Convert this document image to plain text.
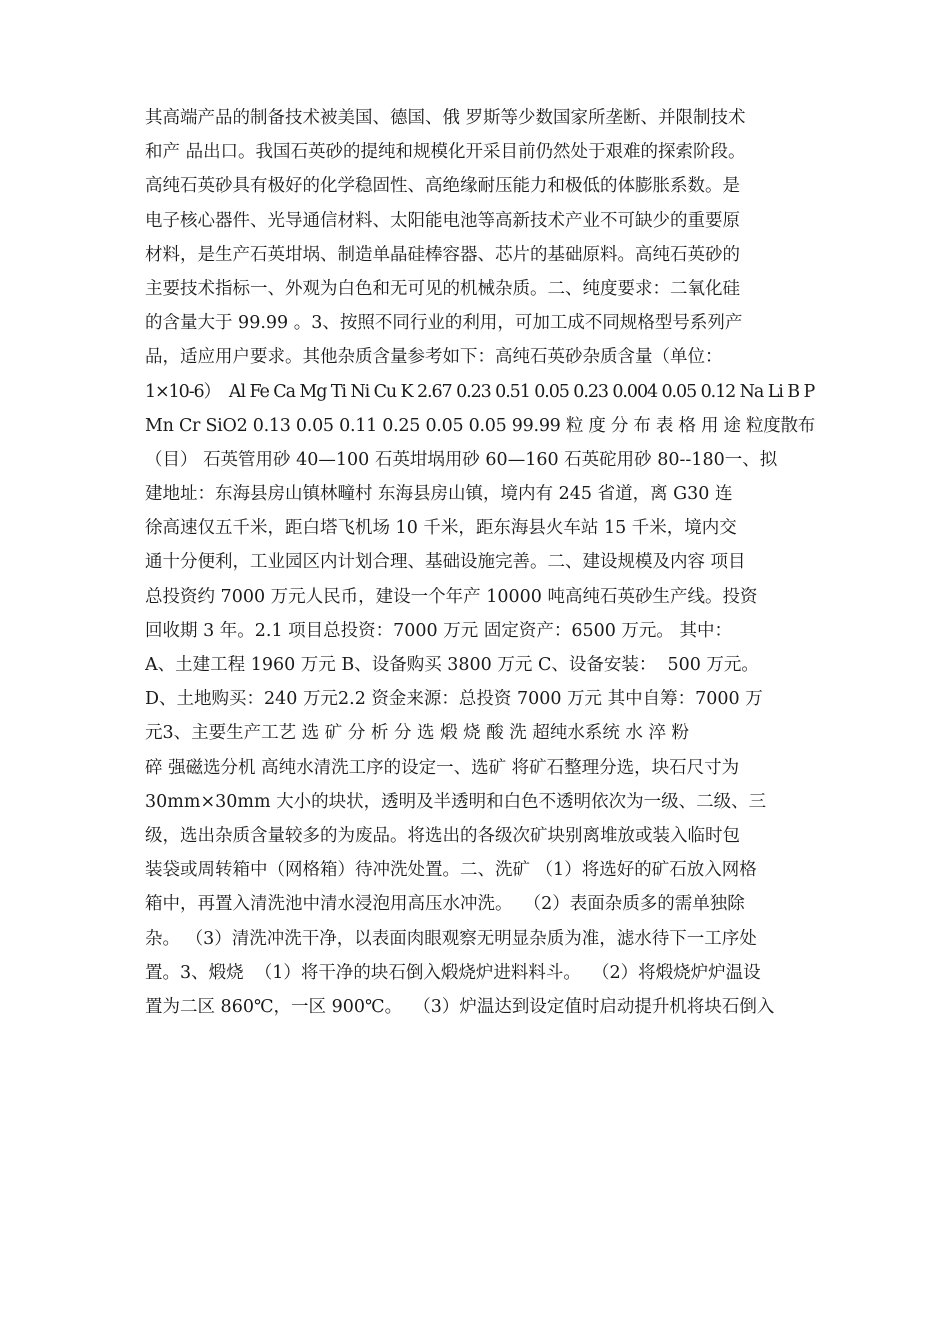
其高端产品的制备技术被美国、德国、俄 罗斯等少数国家所垄断、并限制技术
和产 品出口。我国石英砂的提纯和规模化开采目前仍然处于艰难的探索阶段。
高纯石英砂具有极好的化学稳固性、高绝缘耐压能力和极低的体膨胀系数。是
电子核心器件、光导通信材料、太阳能电池等高新技术产业不可缺少的重要原
材料，是生产石英坩埚、制造单晶硅棒容器、芯片的基础原料。高纯石英砂的
主要技术指标一、外观为白色和无可见的机械杂质。二、纯度要求：二氧化硅
的含量大于 99.99 。3、按照不同行业的利用，可加工成不同规格型号系列产
品，适应用户要求。其他杂质含量参考如下：高纯石英砂杂质含量（单位：
1×10-6）  Al Fe Ca Mg Ti Ni Cu K 2.67 0.23 0.51 0.05 0.23 0.004 0.05 0.12 Na Li B P
Mn Cr SiO2 0.13 0.05 0.11 0.25 0.05 0.05 99.99 粒 度 分 布 表 格 用 途 粒度散布
（目） 石英管用砂 40—100 石英坩埚用砂 60—160 石英砣用砂 80--180一、拟
建地址：东海县房山镇林疃村 东海县房山镇，境内有 245 省道，离 G30 连
徐高速仅五千米，距白塔飞机场 10 千米，距东海县火车站 15 千米，境内交
通十分便利，工业园区内计划合理、基础设施完善。二、建设规模及内容 项目
总投资约 7000 万元人民币，建设一个年产 10000 吨高纯石英砂生产线。投资
回收期 3 年。2.1 项目总投资：7000 万元 固定资产：6500 万元。 其中：
A、土建工程 1960 万元 B、设备购买 3800 万元 C、设备安装：  500 万元。
D、土地购买：240 万元2.2 资金来源：总投资 7000 万元 其中自筹：7000 万
元3、主要生产工艺 选 矿 分 析 分 选 煅 烧 酸 洗 超纯水系统 水 淬 粉
碎 强磁选分机 高纯水清洗工序的设定一、选矿 将矿石整理分选，块石尺寸为
30mm×30mm 大小的块状，透明及半透明和白色不透明依次为一级、二级、三
级，选出杂质含量较多的为废品。将选出的各级次矿块别离堆放或装入临时包
装袋或周转箱中（网格箱）待冲洗处置。二、洗矿 （1）将选好的矿石放入网格
箱中，再置入清洗池中清水浸泡用高压水冲洗。  （2）表面杂质多的需单独除
杂。 （3）清洗冲洗干净，以表面肉眼观察无明显杂质为准，滤水待下一工序处
置。3、煅烧  （1）将干净的块石倒入煅烧炉进料料斗。  （2）将煅烧炉炉温设
置为二区 860℃，一区 900℃。  （3）炉温达到设定值时启动提升机将块石倒入
